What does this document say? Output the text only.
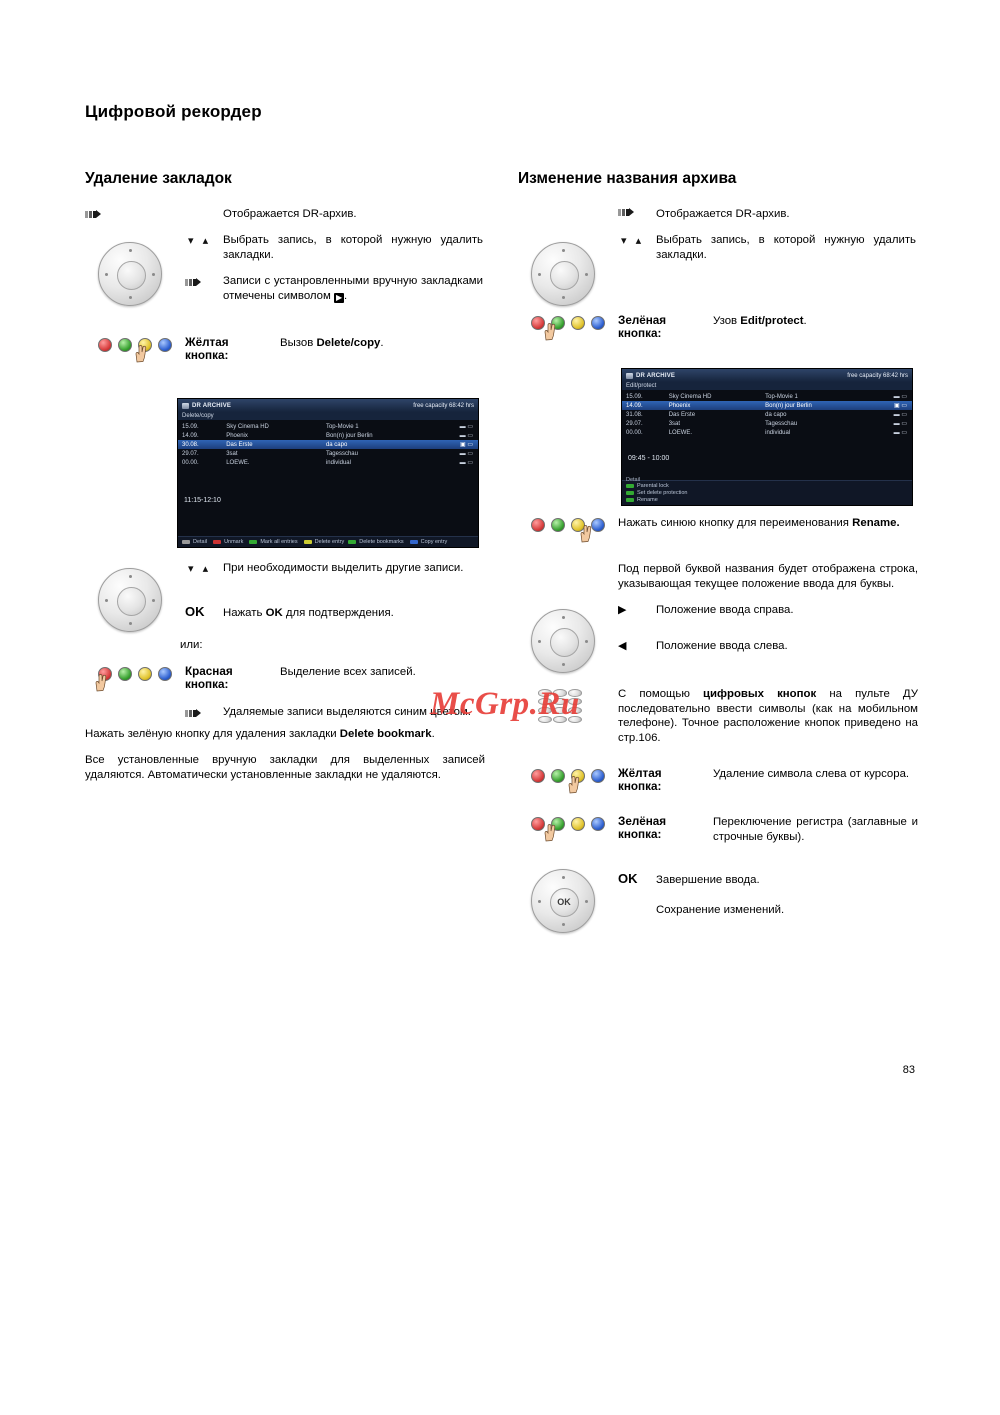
Цифровой рекордер
Удаление закладок
Отображается DR-архив.
▾ ▴ Выбрать запись, в которой нужную удалить закладки.
Записи с устанровленными вручную закладками отмечены символом ▶ .
Жёлтая
кнопка:
Вызов Delete/copy.
DR ARCHIVE	free capacity 68:42 hrs
Delete/copy
15.09.	Sky Cinema HD	Top-Movie 1	▬ ▭
14.09.	Phoenix	Bon(n) jour Berlin	▬ ▭
30.08.	Das Erste	da capo	▣ ▭
29.07.	3sat	Tagesschau	▬ ▭
00.00.	LOEWE.	individual	▬ ▭
11:15-12:10
Detail	Unmark	Mark all entries	Delete entry	Delete bookmarks	Copy entry
▾ ▴ При необходимости выделить другие записи.
OK Нажать OK для подтверждения.
или:
Красная
кнопка:
Выделение всех записей.
Удаляемые записи выделяются синим цветом.
Нажать зелёную кнопку для удаления закладки Delete bookmark.
Все установленные вручную закладки для выделенных записей удаляются. Автоматически установленные закладки не удаляются.
Изменение названия архива
Отображается DR-архив.
▾ ▴ Выбрать запись, в которой нужную удалить закладки.
Зелёная
кнопка:
Узов Edit/protect.
DR ARCHIVE	free capacity 68:42 hrs
Edit/protect
15.09.	Sky Cinema HD	Top-Movie 1	▬ ▭
14.09.	Phoenix	Bon(n) jour Berlin	▣ ▭
31.08.	Das Erste	da capo	▬ ▭
29.07.	3sat	Tagesschau	▬ ▭
00.00.	LOEWE.	individual	▬ ▭
09:45 - 10:00
Parental lock
Set delete protection
Rename
Detail
Нажать синюю кнопку для переименования Rename.
Под первой буквой названия будет отображена строка, указывающая текущее положение ввода для буквы.
▶	Положение ввода справа.
◀	Положение ввода слева.
С помощью цифровых кнопок на пульте ДУ последовательно ввести символы (как на мобильном телефоне). Точное расположение кнопок приведено на стр.106.
Жёлтая
кнопка:
Удаление символа слева от курсора.
Зелёная
кнопка:
Переключение регистра (заглавные и строчные буквы).
OK
OK Завершение ввода.
Сохранение изменений.
McGrp.Ru
83
